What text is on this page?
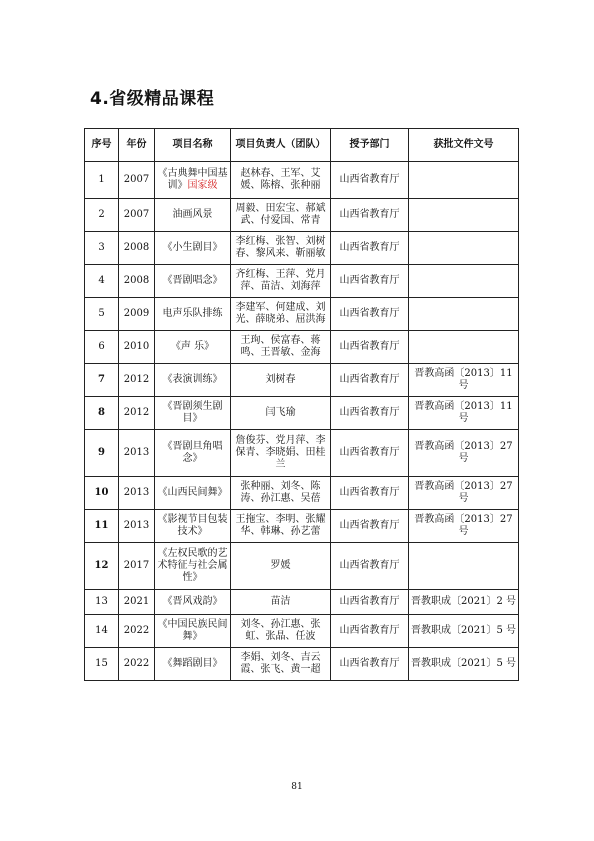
4.省级精品课程
序号	年份	项目名称	项目负责人（团队）	授予部门	获批文件文号
1	2007	《古典舞中国基训》国家级	赵林春、王军、艾 媛、陈榕、张种丽	山西省教育厅	
2	2007	油画风景	周毅、田宏宝、郝斌武、付爱国、常青	山西省教育厅	
3	2008	《小生剧目》	李红梅、张智、刘树春、黎风来、靳丽敏	山西省教育厅	
4	2008	《晋剧唱念》	齐红梅、王萍、党月萍、苗洁、刘海萍	山西省教育厅	
5	2009	电声乐队排练	李建军、何建成、刘光、薛晓弟、屈洪海	山西省教育厅	
6	2010	《声 乐》	王珣、侯富春、蒋鸣、王晋敏、金海	山西省教育厅	
7	2012	《表演训练》	刘树春	山西省教育厅	晋教高函〔2013〕11 号
8	2012	《晋剧须生剧目》	闫飞瑜	山西省教育厅	晋教高函〔2013〕11 号
9	2013	《晋剧旦角唱念》	詹俊芬、党月萍、李保青、李晓娟、田桂兰	山西省教育厅	晋教高函〔2013〕27 号
10	2013	《山西民间舞》	张种丽、刘冬、陈涛、孙江惠、吴蓓	山西省教育厅	晋教高函〔2013〕27 号
11	2013	《影视节目包装技术》	王拖宝、李明、张耀华、韩琳、孙艺蕾	山西省教育厅	晋教高函〔2013〕27 号
12	2017	《左权民歌的艺术特征与社会属性》	罗媛	山西省教育厅	
13	2021	《晋风戏韵》	苗洁	山西省教育厅	晋教职成〔2021〕2 号
14	2022	《中国民族民间舞》	刘冬、孙江惠、张虹、张晶、任波	山西省教育厅	晋教职成〔2021〕5 号
15	2022	《舞蹈剧目》	李娟、刘冬、吉云霞、张飞、黄一超	山西省教育厅	晋教职成〔2021〕5 号
81
